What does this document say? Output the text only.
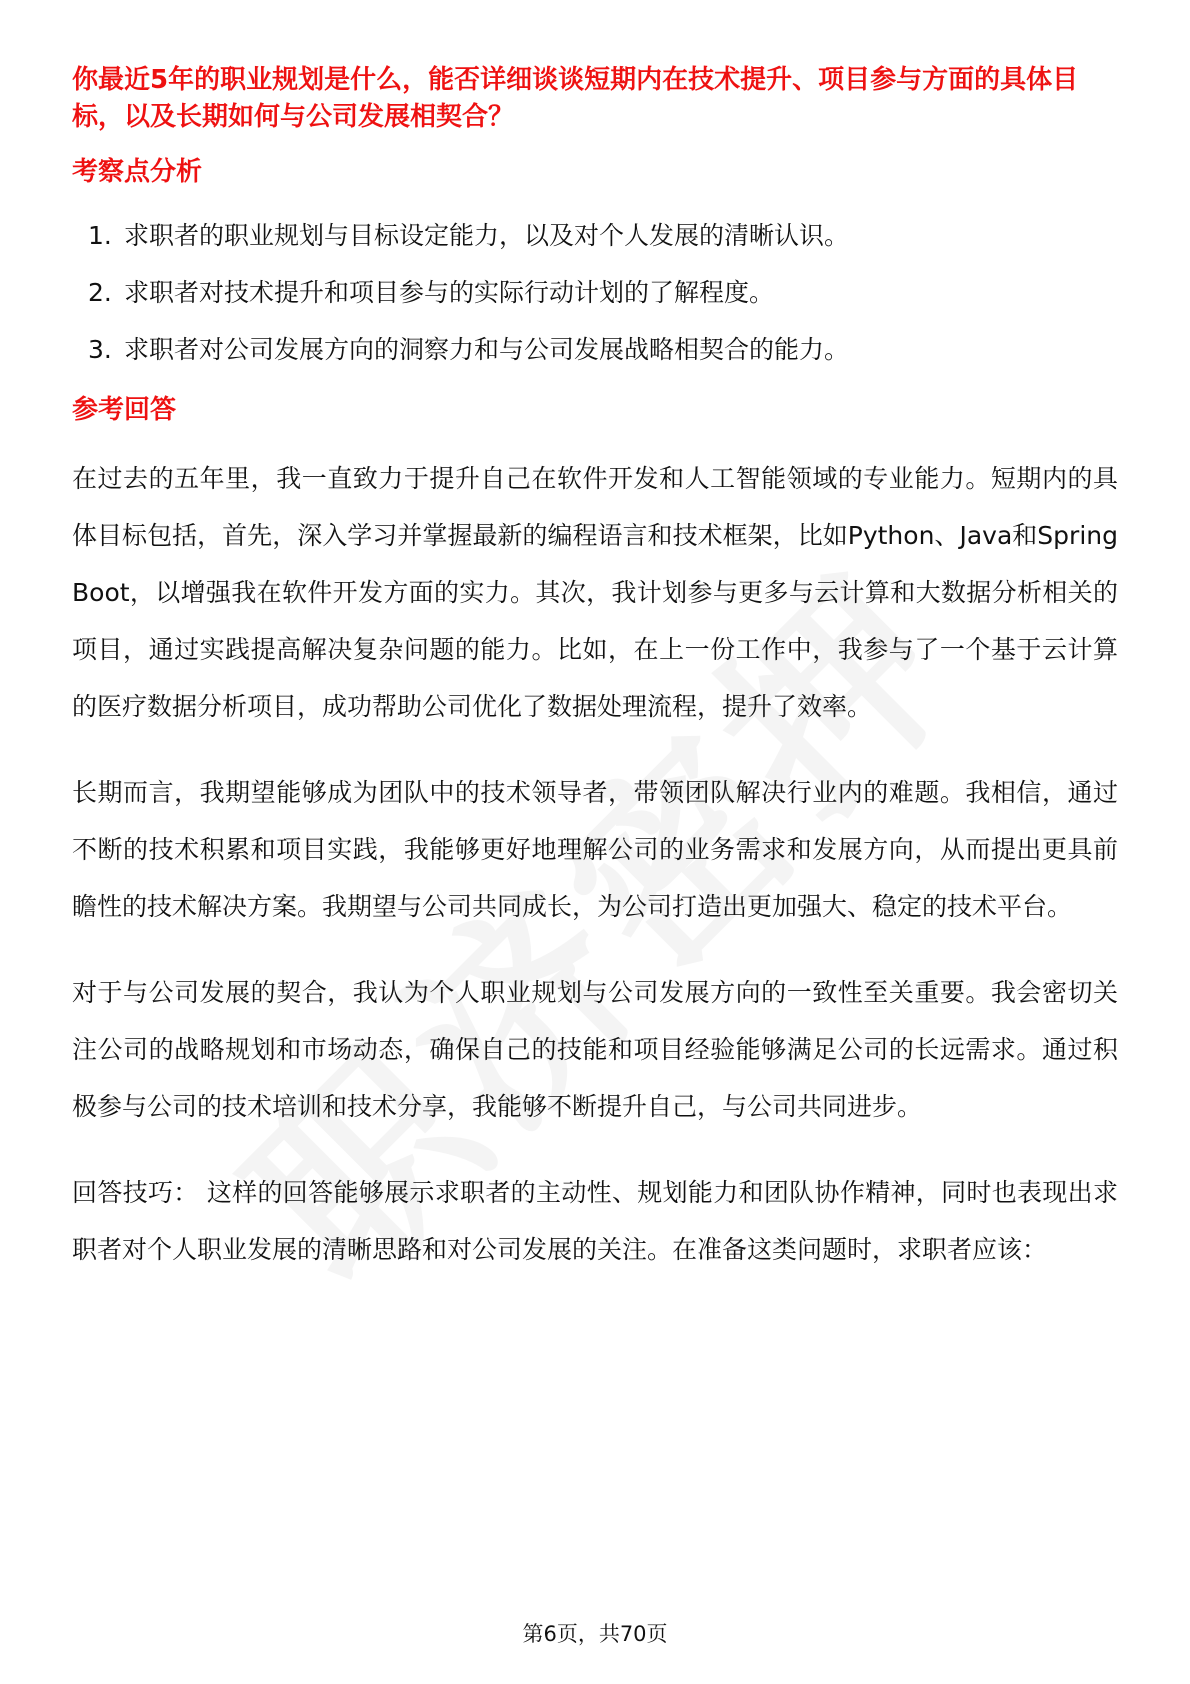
你最近5年的职业规划是什么，能否详细谈谈短期内在技术提升、项目参与方面的具体目标，以及长期如何与公司发展相契合？

考察点分析

1. 求职者的职业规划与目标设定能力，以及对个人发展的清晰认识。
2. 求职者对技术提升和项目参与的实际行动计划的了解程度。
3. 求职者对公司发展方向的洞察力和与公司发展战略相契合的能力。

参考回答

在过去的五年里，我一直致力于提升自己在软件开发和人工智能领域的专业能力。短期内的具体目标包括，首先，深入学习并掌握最新的编程语言和技术框架，比如Python、Java和Spring Boot，以增强我在软件开发方面的实力。其次，我计划参与更多与云计算和大数据分析相关的项目，通过实践提高解决复杂问题的能力。比如，在上一份工作中，我参与了一个基于云计算的医疗数据分析项目，成功帮助公司优化了数据处理流程，提升了效率。

长期而言，我期望能够成为团队中的技术领导者，带领团队解决行业内的难题。我相信，通过不断的技术积累和项目实践，我能够更好地理解公司的业务需求和发展方向，从而提出更具前瞻性的技术解决方案。我期望与公司共同成长，为公司打造出更加强大、稳定的技术平台。

对于与公司发展的契合，我认为个人职业规划与公司发展方向的一致性至关重要。我会密切关注公司的战略规划和市场动态，确保自己的技能和项目经验能够满足公司的长远需求。通过积极参与公司的技术培训和技术分享，我能够不断提升自己，与公司共同进步。

回答技巧： 这样的回答能够展示求职者的主动性、规划能力和团队协作精神，同时也表现出求职者对个人职业发展的清晰思路和对公司发展的关注。在准备这类问题时，求职者应该：

第6页，共70页
